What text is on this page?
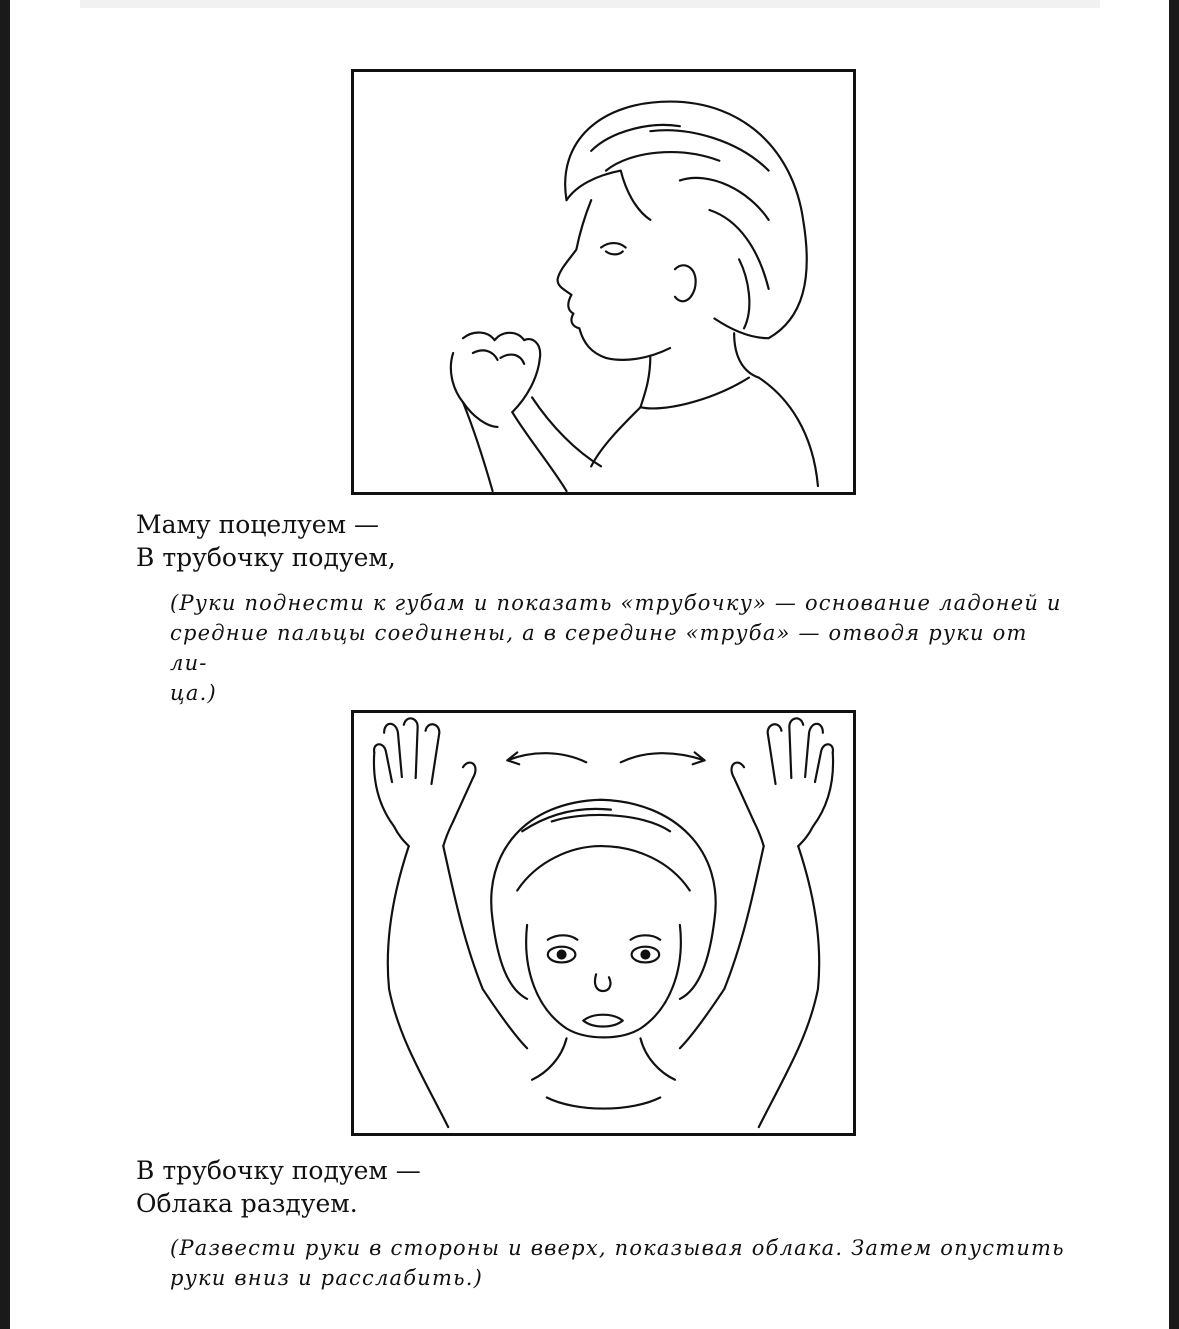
Маму поцелуем —
В трубочку подуем,

(Руки поднести к губам и показать «трубочку» — основание ладоней и
средние пальцы соединены, а в середине «труба» — отводя руки от ли-
ца.)

В трубочку подуем —
Облака раздуем.

(Развести руки в стороны и вверх, показывая облака. Затем опустить
руки вниз и расслабить.)
